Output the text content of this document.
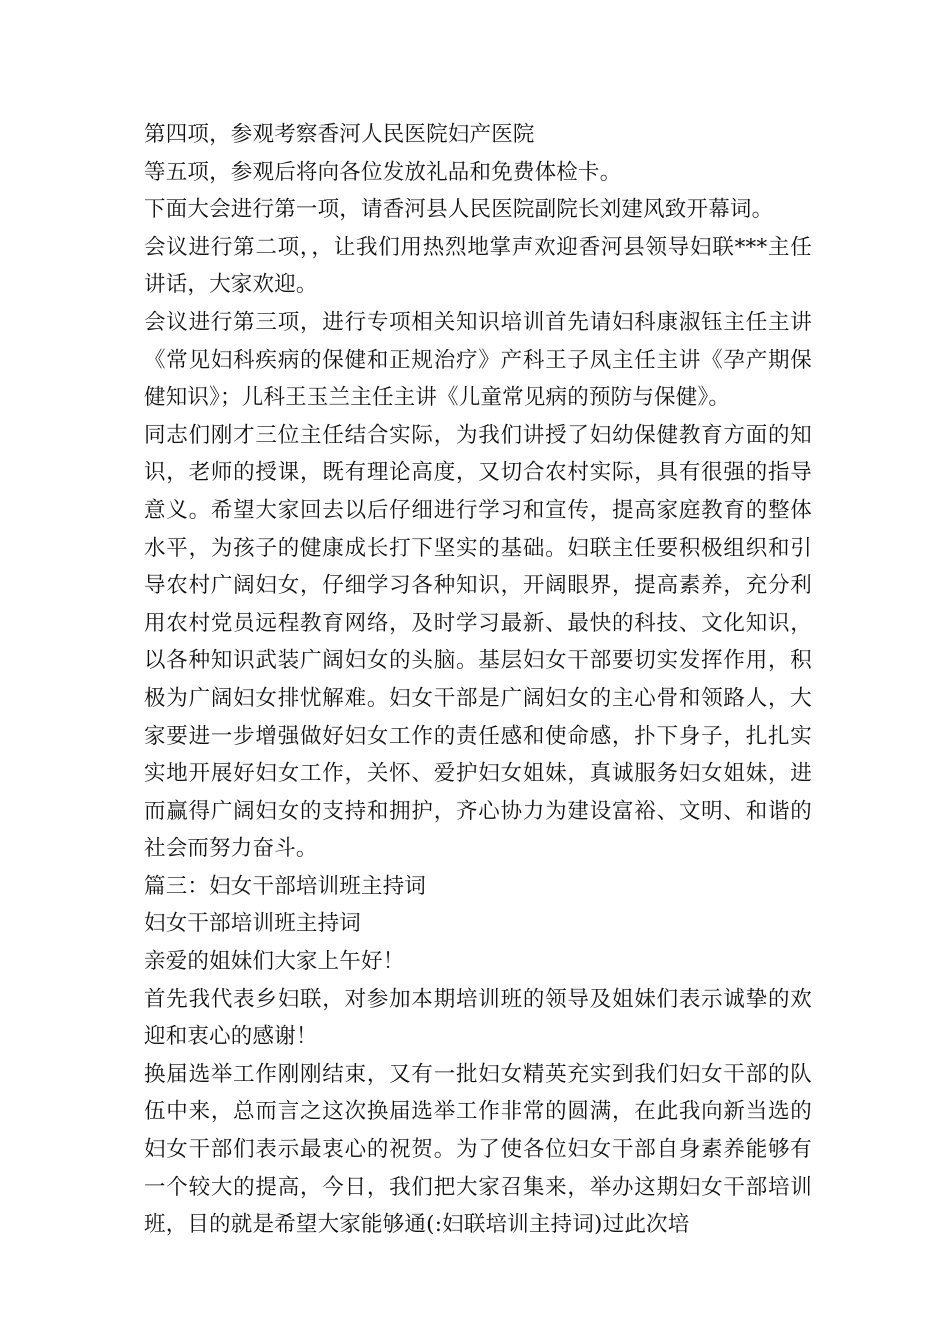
第四项，参观考察香河人民医院妇产医院

等五项，参观后将向各位发放礼品和免费体检卡。

下面大会进行第一项，请香河县人民医院副院长刘建风致开幕词。

会议进行第二项，，让我们用热烈地掌声欢迎香河县领导妇联***主任讲话，大家欢迎。

会议进行第三项，进行专项相关知识培训首先请妇科康淑钰主任主讲《常见妇科疾病的保健和正规治疗》产科王子凤主任主讲《孕产期保健知识》；儿科王玉兰主任主讲《儿童常见病的预防与保健》。

同志们刚才三位主任结合实际，为我们讲授了妇幼保健教育方面的知识，老师的授课，既有理论高度，又切合农村实际，具有很强的指导意义。希望大家回去以后仔细进行学习和宣传，提高家庭教育的整体水平，为孩子的健康成长打下坚实的基础。妇联主任要积极组织和引导农村广阔妇女，仔细学习各种知识，开阔眼界，提高素养，充分利用农村党员远程教育网络，及时学习最新、最快的科技、文化知识，以各种知识武装广阔妇女的头脑。基层妇女干部要切实发挥作用，积极为广阔妇女排忧解难。妇女干部是广阔妇女的主心骨和领路人，大家要进一步增强做好妇女工作的责任感和使命感，扑下身子，扎扎实实地开展好妇女工作，关怀、爱护妇女姐妹，真诚服务妇女姐妹，进而赢得广阔妇女的支持和拥护，齐心协力为建设富裕、文明、和谐的社会而努力奋斗。

篇三：妇女干部培训班主持词

妇女干部培训班主持词

亲爱的姐妹们大家上午好！

首先我代表乡妇联，对参加本期培训班的领导及姐妹们表示诚挚的欢迎和衷心的感谢！

换届选举工作刚刚结束，又有一批妇女精英充实到我们妇女干部的队伍中来，总而言之这次换届选举工作非常的圆满，在此我向新当选的妇女干部们表示最衷心的祝贺。为了使各位妇女干部自身素养能够有一个较大的提高，今日，我们把大家召集来，举办这期妇女干部培训班，目的就是希望大家能够通(:妇联培训主持词)过此次培
